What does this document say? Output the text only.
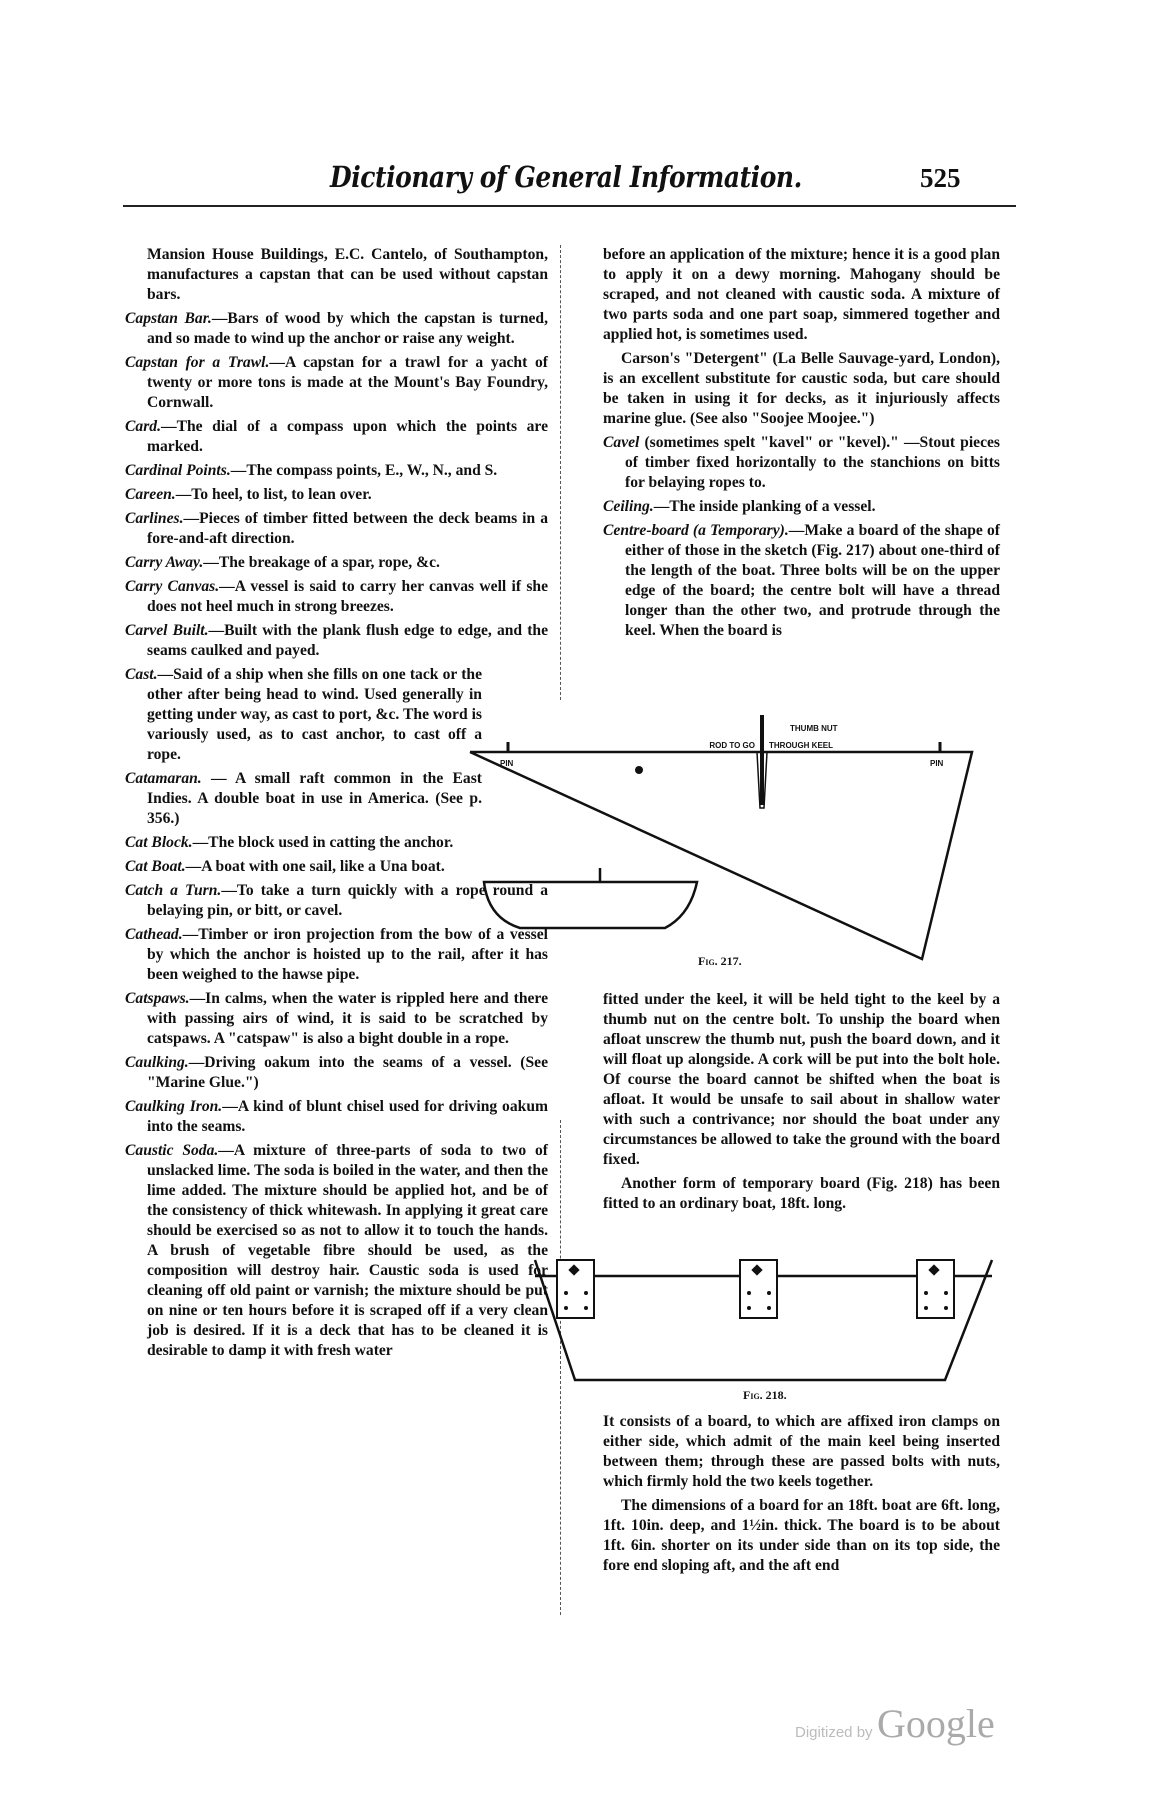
Dictionary of General Information.	525

Mansion House Buildings, E.C. Cantelo, of Southampton, manufactures a capstan that can be used without capstan bars.

Capstan Bar.—Bars of wood by which the capstan is turned, and so made to wind up the anchor or raise any weight.

Capstan for a Trawl.—A capstan for a trawl for a yacht of twenty or more tons is made at the Mount's Bay Foundry, Cornwall.

Card.—The dial of a compass upon which the points are marked.

Cardinal Points.—The compass points, E., W., N., and S.

Careen.—To heel, to list, to lean over.

Carlines.—Pieces of timber fitted between the deck beams in a fore-and-aft direction.

Carry Away.—The breakage of a spar, rope, &c.

Carry Canvas.—A vessel is said to carry her canvas well if she does not heel much in strong breezes.

Carvel Built.—Built with the plank flush edge to edge, and the seams caulked and payed.

Cast.—Said of a ship when she fills on one tack or the other after being head to wind. Used generally in getting under way, as cast to port, &c. The word is variously used, as to cast anchor, to cast off a rope.

Catamaran. — A small raft common in the East Indies. A double boat in use in America. (See p. 356.)

Cat Block.—The block used in catting the anchor.

Cat Boat.—A boat with one sail, like a Una boat.

Catch a Turn.—To take a turn quickly with a rope round a belaying pin, or bitt, or cavel.

Cathead.—Timber or iron projection from the bow of a vessel by which the anchor is hoisted up to the rail, after it has been weighed to the hawse pipe.

Catspaws.—In calms, when the water is rippled here and there with passing airs of wind, it is said to be scratched by catspaws. A "catspaw" is also a bight double in a rope.

Caulking.—Driving oakum into the seams of a vessel. (See "Marine Glue.")

Caulking Iron.—A kind of blunt chisel used for driving oakum into the seams.

Caustic Soda.—A mixture of three-parts of soda to two of unslacked lime. The soda is boiled in the water, and then the lime added. The mixture should be applied hot, and be of the consistency of thick whitewash. In applying it great care should be exercised so as not to allow it to touch the hands. A brush of vegetable fibre should be used, as the composition will destroy hair. Caustic soda is used for cleaning off old paint or varnish; the mixture should be put on nine or ten hours before it is scraped off if a very clean job is desired. If it is a deck that has to be cleaned it is desirable to damp it with fresh water

before an application of the mixture; hence it is a good plan to apply it on a dewy morning. Mahogany should be scraped, and not cleaned with caustic soda. A mixture of two parts soda and one part soap, simmered together and applied hot, is sometimes used.

Carson's "Detergent" (La Belle Sauvage-yard, London), is an excellent substitute for caustic soda, but care should be taken in using it for decks, as it injuriously affects marine glue. (See also "Soojee Moojee.")

Cavel (sometimes spelt "kavel" or "kevel)." —Stout pieces of timber fixed horizontally to the stanchions on bitts for belaying ropes to.

Ceiling.—The inside planking of a vessel.

Centre-board (a Temporary).—Make a board of the shape of either of those in the sketch (Fig. 217) about one-third of the length of the boat. Three bolts will be on the upper edge of the board; the centre bolt will have a thread longer than the other two, and protrude through the keel. When the board is

fitted under the keel, it will be held tight to the keel by a thumb nut on the centre bolt. To unship the board when afloat unscrew the thumb nut, push the board down, and it will float up alongside. A cork will be put into the bolt hole. Of course the board cannot be shifted when the boat is afloat. It would be unsafe to sail about in shallow water with such a contrivance; nor should the boat under any circumstances be allowed to take the ground with the board fixed.

Another form of temporary board (Fig. 218) has been fitted to an ordinary boat, 18ft. long.

It consists of a board, to which are affixed iron clamps on either side, which admit of the main keel being inserted between them; through these are passed bolts with nuts, which firmly hold the two keels together.

The dimensions of a board for an 18ft. boat are 6ft. long, 1ft. 10in. deep, and 1½in. thick. The board is to be about 1ft. 6in. shorter on its under side than on its top side, the fore end sloping aft, and the aft end

THUMB NUT
ROD TO GO THROUGH KEEL
PIN	PIN
Fig. 217.
Fig. 218.
Digitized by Google
